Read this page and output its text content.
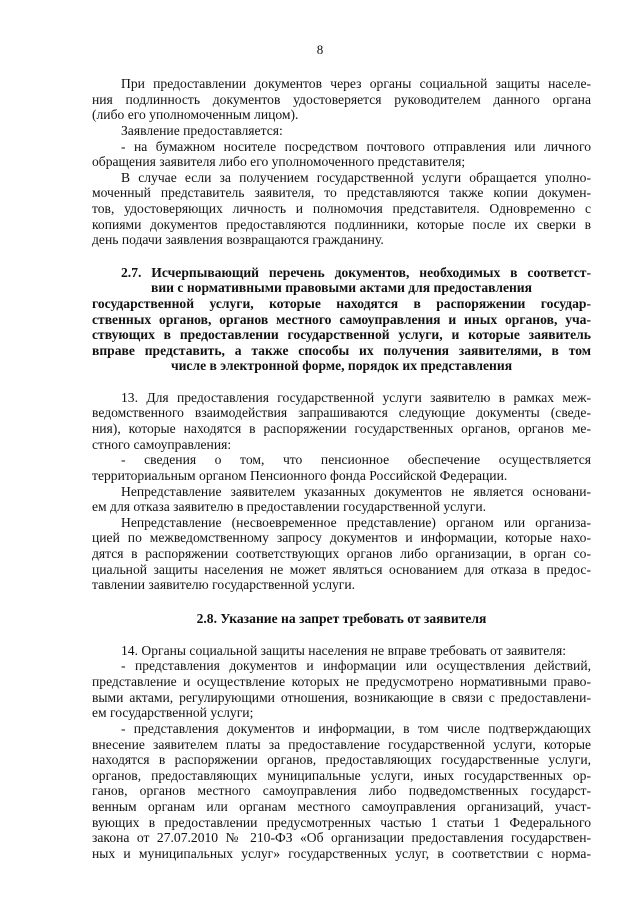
8
При предоставлении документов через органы социальной защиты населе-
ния подлинность документов удостоверяется руководителем данного органа
(либо его уполномоченным лицом).
Заявление предоставляется:
- на бумажном носителе посредством почтового отправления или личного
обращения заявителя либо его уполномоченного представителя;
В случае если за получением государственной услуги обращается уполно-
моченный представитель заявителя, то представляются также копии докумен-
тов, удостоверяющих личность и полномочия представителя. Одновременно с
копиями документов предоставляются подлинники, которые после их сверки в
день подачи заявления возвращаются гражданину.
2.7. Исчерпывающий перечень документов, необходимых в соответст-
вии с нормативными правовыми актами для предоставления
государственной услуги, которые находятся в распоряжении государ-
ственных органов, органов местного самоуправления и иных органов, уча-
ствующих в предоставлении государственной услуги, и которые заявитель
вправе представить, а также способы их получения заявителями, в том
числе в электронной форме, порядок их представления
13. Для предоставления государственной услуги заявителю в рамках меж-
ведомственного взаимодействия запрашиваются следующие документы (сведе-
ния), которые находятся в распоряжении государственных органов, органов ме-
стного самоуправления:
- сведения о том, что пенсионное обеспечение осуществляется
территориальным органом Пенсионного фонда Российской Федерации.
Непредставление заявителем указанных документов не является основани-
ем для отказа заявителю в предоставлении государственной услуги.
Непредставление (несвоевременное представление) органом или организа-
цией по межведомственному запросу документов и информации, которые нахо-
дятся в распоряжении соответствующих органов либо организации, в орган со-
циальной защиты населения не может являться основанием для отказа в предос-
тавлении заявителю государственной услуги.
2.8. Указание на запрет требовать от заявителя
14. Органы социальной защиты населения не вправе требовать от заявителя:
- представления документов и информации или осуществления действий,
представление и осуществление которых не предусмотрено нормативными право-
выми актами, регулирующими отношения, возникающие в связи с предоставлени-
ем государственной услуги;
- представления документов и информации, в том числе подтверждающих
внесение заявителем платы за предоставление государственной услуги, которые
находятся в распоряжении органов, предоставляющих государственные услуги,
органов, предоставляющих муниципальные услуги, иных государственных ор-
ганов, органов местного самоуправления либо подведомственных государст-
венным органам или органам местного самоуправления организаций, участ-
вующих в предоставлении предусмотренных частью 1 статьи 1 Федерального
закона от 27.07.2010 № 210-ФЗ «Об организации предоставления государствен-
ных и муниципальных услуг» государственных услуг, в соответствии с норма-
